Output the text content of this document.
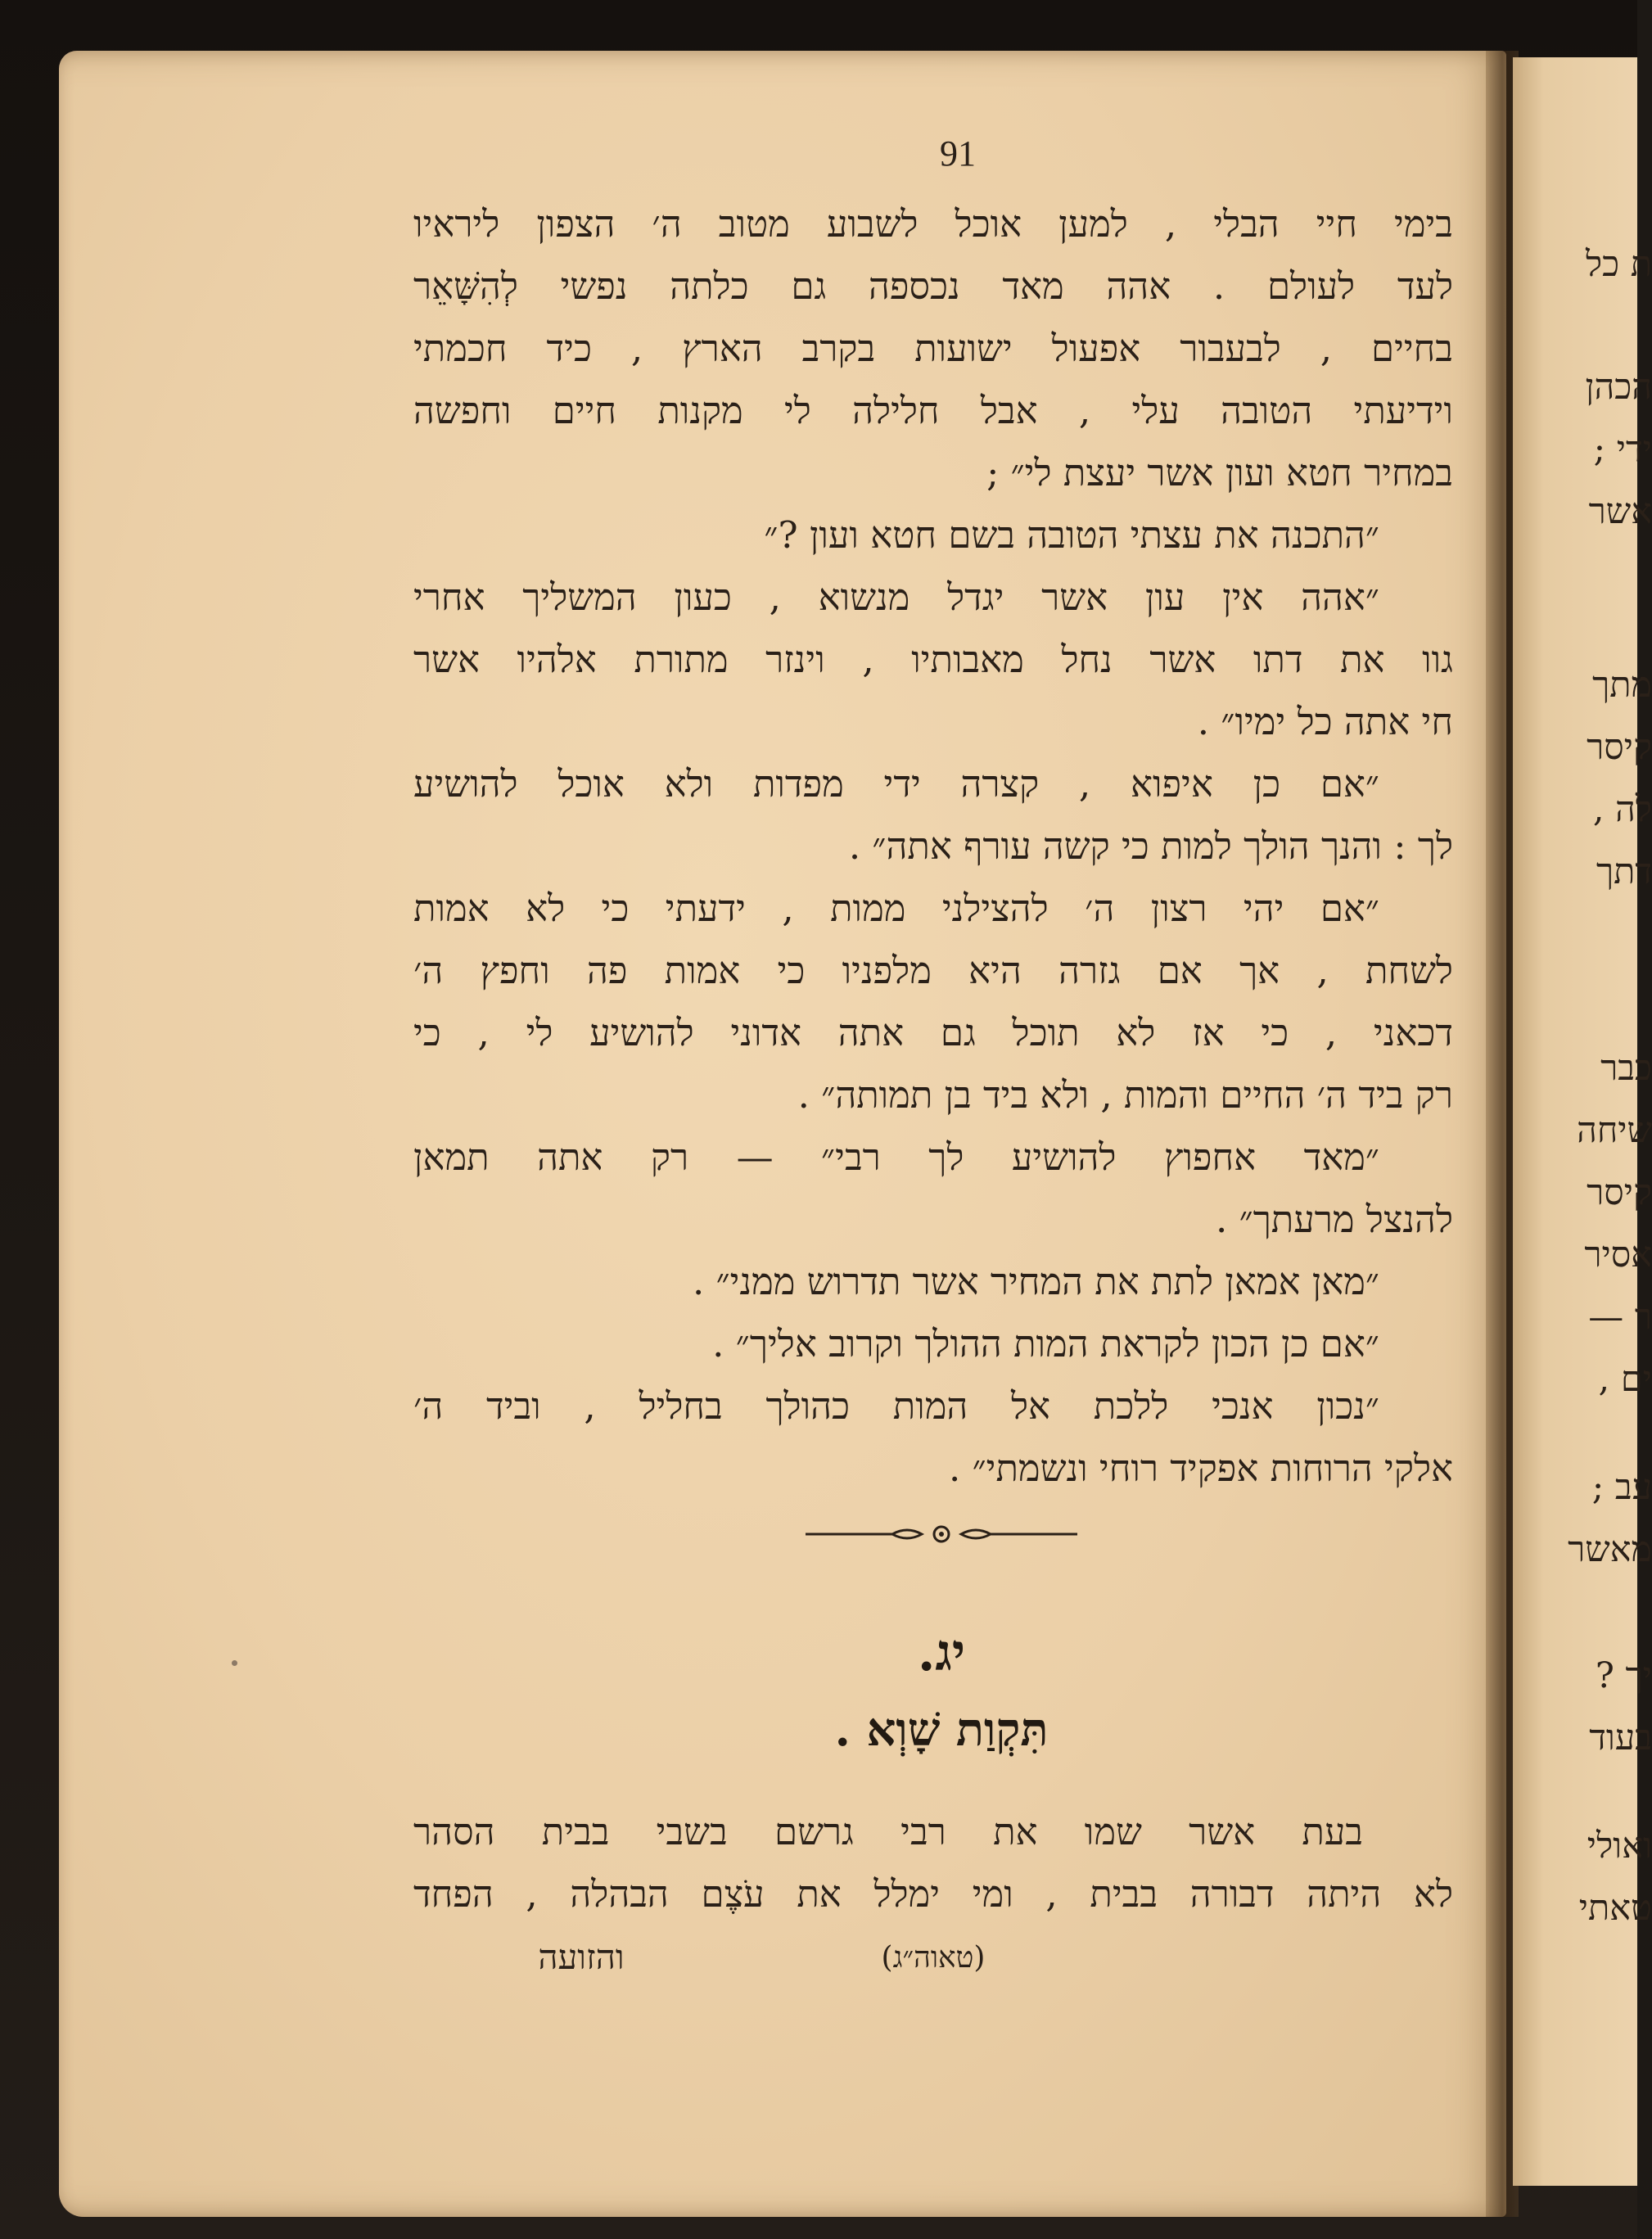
ת כל
הכהן
ידי ;
אשר
מתך
קיסר
לה ,
דתך
כבר
שיחה
קיסר
אסיר
ר —
ים ,
עב ;
מאשר
יך ?
בעוד
ואולי
טאתי
91
בימי חיי הבלי , למען אוכל לשבוע מטוב ה׳ הצפון ליראיו
לעד לעולם . אהה מאד נכספה גם כלתה נפשי לְהִשָּׁאֵר
בחיים , לבעבור אפעול ישועות בקרב הארץ , כיד חכמתי
וידיעתי הטובה עלי , אבל חלילה לי מקנות חיים וחפשה
במחיר חטא ועון אשר יעצת לי״ ;
״התכנה את עצתי הטובה בשם חטא ועון ?״
״אהה אין עון אשר יגדל מנשוא , כעון המשליך אחרי
גוו את דתו אשר נחל מאבותיו , וינזר מתורת אלהיו אשר
חי אתה כל ימיו״ .
״אם כן איפוא , קצרה ידי מפדות ולא אוכל להושיע
לך : והנך הולך למות כי קשה עורף אתה״ .
״אם יהי רצון ה׳ להצילני ממות , ידעתי כי לא אמות
לשחת , אך אם גזרה היא מלפניו כי אמות פה וחפץ ה׳
דכאני , כי אז לא תוכל גם אתה אדוני להושיע לי , כי
רק ביד ה׳ החיים והמות , ולא ביד בן תמותה״ .
״מאד אחפוץ להושיע לך רבי״ — רק אתה תמאן
להנצל מרעתך״ .
״מאן אמאן לתת את המחיר אשר תדרוש ממני״ .
״אם כן הכון לקראת המות ההולך וקרוב אליך״ .
״נכון אנכי ללכת אל המות כהולך בחליל , וביד ה׳
אלקי הרוחות אפקיד רוחי ונשמתי״ .
יג.
תִּקְוַת שָׁוְא .
בעת אשר שמו את רבי גרשם בשבי בבית הסהר
לא היתה דבורה בבית , ומי ימלל את עֹצֶם הבהלה , הפחד
(טאוה״ג)
והזועה
